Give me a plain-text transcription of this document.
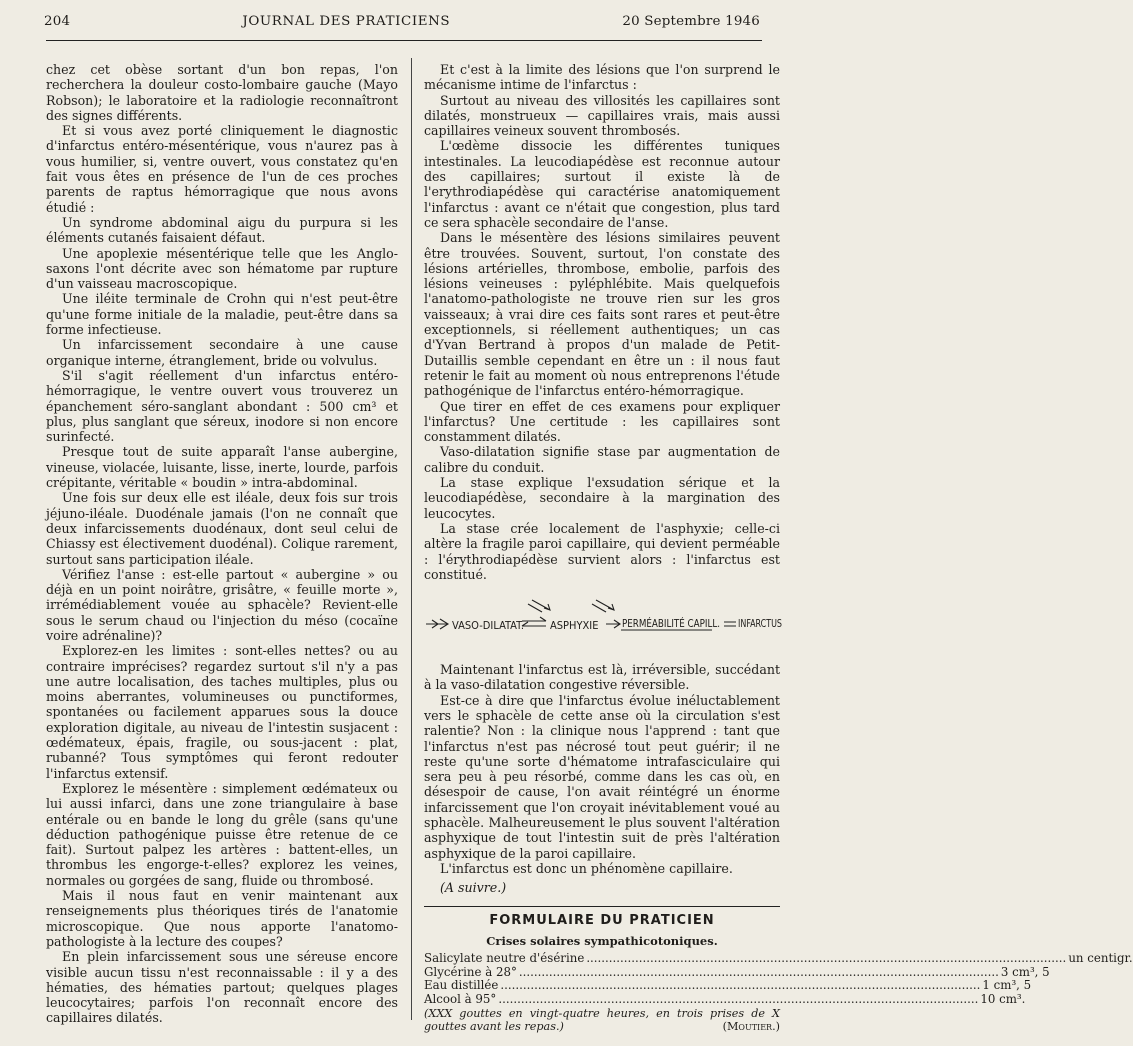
204	JOURNAL DES PRATICIENS	20 Septembre 1946

chez cet obèse sortant d'un bon repas, l'on recherchera la douleur costo-lombaire gauche (Mayo Robson); le laboratoire et la radiologie reconnaîtront des signes différents.

Et si vous avez porté cliniquement le diagnostic d'infarctus entéro-mésentérique, vous n'aurez pas à vous humilier, si, ventre ouvert, vous constatez qu'en fait vous êtes en présence de l'un de ces proches parents de raptus hémorragique que nous avons étudié :

Un syndrome abdominal aigu du purpura si les éléments cutanés faisaient défaut.

Une apoplexie mésentérique telle que les Anglo-saxons l'ont décrite avec son hématome par rupture d'un vaisseau macroscopique.

Une iléite terminale de Crohn qui n'est peut-être qu'une forme initiale de la maladie, peut-être dans sa forme infectieuse.

Un infarcissement secondaire à une cause organique interne, étranglement, bride ou volvulus.

S'il s'agit réellement d'un infarctus entéro-hémorragique, le ventre ouvert vous trouverez un épanchement séro-sanglant abondant : 500 cm³ et plus, plus sanglant que séreux, inodore si non encore surinfecté.

Presque tout de suite apparaît l'anse aubergine, vineuse, violacée, luisante, lisse, inerte, lourde, parfois crépitante, véritable « boudin » intra-abdominal.

Une fois sur deux elle est iléale, deux fois sur trois jéjuno-iléale. Duodénale jamais (l'on ne connaît que deux infarcissements duodénaux, dont seul celui de Chiassy est électivement duodénal). Colique rarement, surtout sans participation iléale.

Vérifiez l'anse : est-elle partout « aubergine » ou déjà en un point noirâtre, grisâtre, « feuille morte », irrémédiablement vouée au sphacèle? Revient-elle sous le serum chaud ou l'injection du méso (cocaïne voire adrénaline)?

Explorez-en les limites : sont-elles nettes? ou au contraire imprécises? regardez surtout s'il n'y a pas une autre localisation, des taches multiples, plus ou moins aberrantes, volumineuses ou punctiformes, spontanées ou facilement apparues sous la douce exploration digitale, au niveau de l'intestin susjacent : œdémateux, épais, fragile, ou sous-jacent : plat, rubanné? Tous symptômes qui feront redouter l'infarctus extensif.

Explorez le mésentère : simplement œdémateux ou lui aussi infarci, dans une zone triangulaire à base entérale ou en bande le long du grêle (sans qu'une déduction pathogénique puisse être retenue de ce fait). Surtout palpez les artères : battent-elles, un thrombus les engorge-t-elles? explorez les veines, normales ou gorgées de sang, fluide ou thrombosé.

Mais il nous faut en venir maintenant aux renseignements plus théoriques tirés de l'anatomie microscopique. Que nous apporte l'anatomo-pathologiste à la lecture des coupes?

En plein infarcissement sous une séreuse encore visible aucun tissu n'est reconnaissable : il y a des hématies, des hématies partout; quelques plages leucocytaires; parfois l'on reconnaît encore des capillaires dilatés.

Et c'est à la limite des lésions que l'on surprend le mécanisme intime de l'infarctus :

Surtout au niveau des villosités les capillaires sont dilatés, monstrueux — capillaires vrais, mais aussi capillaires veineux souvent thrombosés.

L'œdème dissocie les différentes tuniques intestinales. La leucodiapédèse est reconnue autour des capillaires; surtout il existe là de l'erythrodiapédèse qui caractérise anatomiquement l'infarctus : avant ce n'était que congestion, plus tard ce sera sphacèle secondaire de l'anse.

Dans le mésentère des lésions similaires peuvent être trouvées. Souvent, surtout, l'on constate des lésions artérielles, thrombose, embolie, parfois des lésions veineuses : pyléphlébite. Mais quelquefois l'anatomo-pathologiste ne trouve rien sur les gros vaisseaux; à vrai dire ces faits sont rares et peut-être exceptionnels, si réellement authentiques; un cas d'Yvan Bertrand à propos d'un malade de Petit-Dutaillis semble cependant en être un : il nous faut retenir le fait au moment où nous entreprenons l'étude pathogénique de l'infarctus entéro-hémorragique.

Que tirer en effet de ces examens pour expliquer l'infarctus? Une certitude : les capillaires sont constamment dilatés.

Vaso-dilatation signifie stase par augmentation de calibre du conduit.

La stase explique l'exsudation sérique et la leucodiapédèse, secondaire à la margination des leucocytes.

La stase crée localement de l'asphyxie; celle-ci altère la fragile paroi capillaire, qui devient perméable : l'érythrodiapédèse survient alors : l'infarctus est constitué.

VASO-DILATAT. ASPHYXIE PERMÉABILITÉ CAPILL. INFARCTUS

Maintenant l'infarctus est là, irréversible, succédant à la vaso-dilatation congestive réversible.

Est-ce à dire que l'infarctus évolue inéluctablement vers le sphacèle de cette anse où la circulation s'est ralentie? Non : la clinique nous l'apprend : tant que l'infarctus n'est pas nécrosé tout peut guérir; il ne reste qu'une sorte d'hématome intrafasciculaire qui sera peu à peu résorbé, comme dans les cas où, en désespoir de cause, l'on avait réintégré un énorme infarcissement que l'on croyait inévitablement voué au sphacèle. Malheureusement le plus souvent l'altération asphyxique de tout l'intestin suit de près l'altération asphyxique de la paroi capillaire.

L'infarctus est donc un phénomène capillaire.

(A suivre.)

FORMULAIRE DU PRATICIEN
Crises solaires sympathicotoniques.
Salicylate neutre d'ésérine .....	un centigr.
Glycérine à 28° .....	3 cm³, 5
Eau distillée .....	1 cm³, 5
Alcool à 95° .....	10 cm³.
(XXX gouttes en vingt-quatre heures, en trois prises de X gouttes avant les repas.)	(Moutier.)
